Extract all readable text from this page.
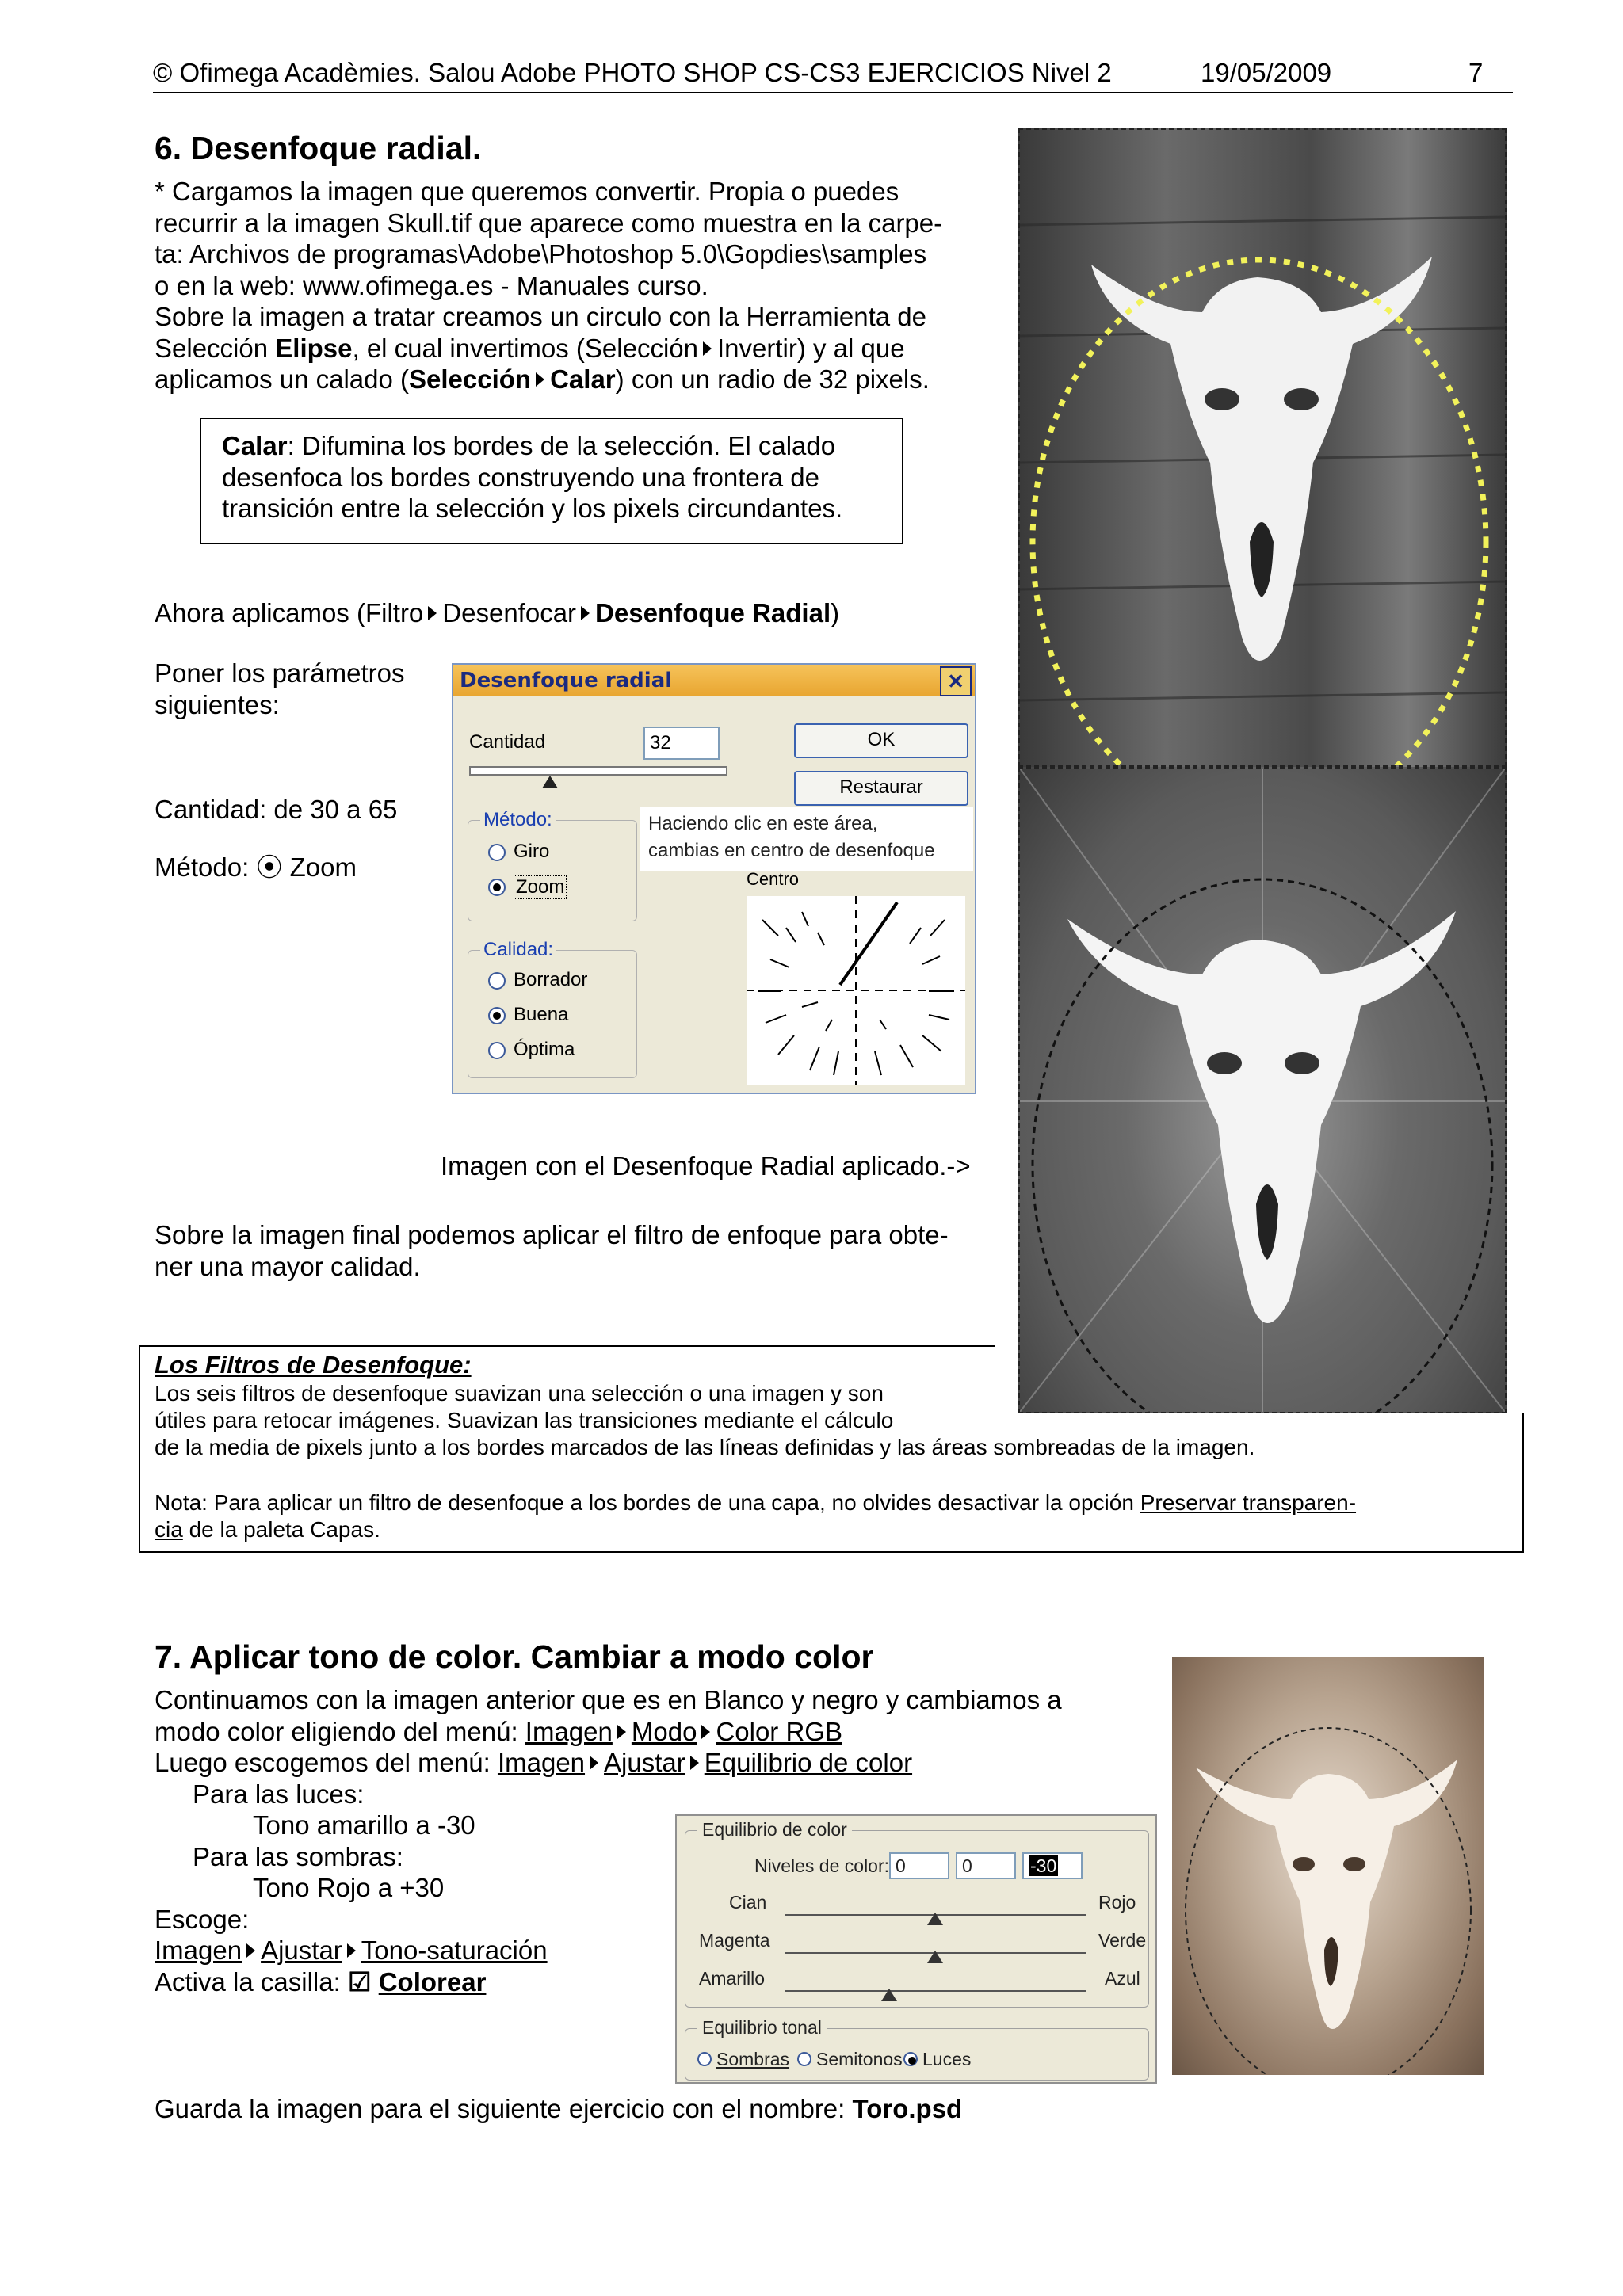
© Ofimega Acadèmies. Salou Adobe PHOTO SHOP CS-CS3 EJERCICIOS Nivel 2	19/05/2009	7
6. Desenfoque radial.
* Cargamos la imagen que queremos convertir. Propia o puedes
recurrir a la imagen Skull.tif que aparece como muestra en la carpe-
ta: Archivos de programas\Adobe\Photoshop 5.0\Gopdies\samples
o en la web: www.ofimega.es - Manuales curso.
Sobre la imagen a tratar creamos un circulo con la Herramienta de
Selección Elipse, el cual invertimos (Selección Invertir) y al que
aplicamos un calado (Selección Calar) con un radio de 32 pixels.
Calar: Difumina los bordes de la selección. El calado
desenfoca los bordes construyendo una frontera de
transición entre la selección y los pixels circundantes.
Ahora aplicamos (Filtro Desenfocar Desenfoque Radial)
Poner los parámetros
siguientes:
Cantidad: de 30 a 65
Método: ⦿ Zoom
Desenfoque radial	✕
Cantidad	32	OK
Restaurar
Método:
Giro
Zoom
Calidad:
Borrador
Buena
Óptima
Haciendo clic en este área,
cambias en centro de desenfoque
Centro
Imagen con el Desenfoque Radial aplicado.->
Sobre la imagen final podemos aplicar el filtro de enfoque para obte-
ner una mayor calidad.
Los Filtros de Desenfoque:
Los seis filtros de desenfoque suavizan una selección o una imagen y son
útiles para retocar imágenes. Suavizan las transiciones mediante el cálculo
de la media de pixels junto a los bordes marcados de las líneas definidas y las áreas sombreadas de la imagen.
Nota: Para aplicar un filtro de desenfoque a los bordes de una capa, no olvides desactivar la opción Preservar transparen-
cia de la paleta Capas.
7. Aplicar tono de color. Cambiar a modo color
Continuamos con la imagen anterior que es en Blanco y negro y cambiamos a
modo color eligiendo del menú: Imagen Modo Color RGB
Luego escogemos del menú: Imagen Ajustar Equilibrio de color
Para las luces:
Tono amarillo a -30
Para las sombras:
Tono Rojo a +30
Escoge:
Imagen Ajustar Tono-saturación
Activa la casilla: ☑ Colorear
Equilibrio de color
Niveles de color: 0	0	-30
Cian	Rojo
Magenta	Verde
Amarillo	Azul
Equilibrio tonal
Sombras Semitonos Luces
Guarda la imagen para el siguiente ejercicio con el nombre: Toro.psd
